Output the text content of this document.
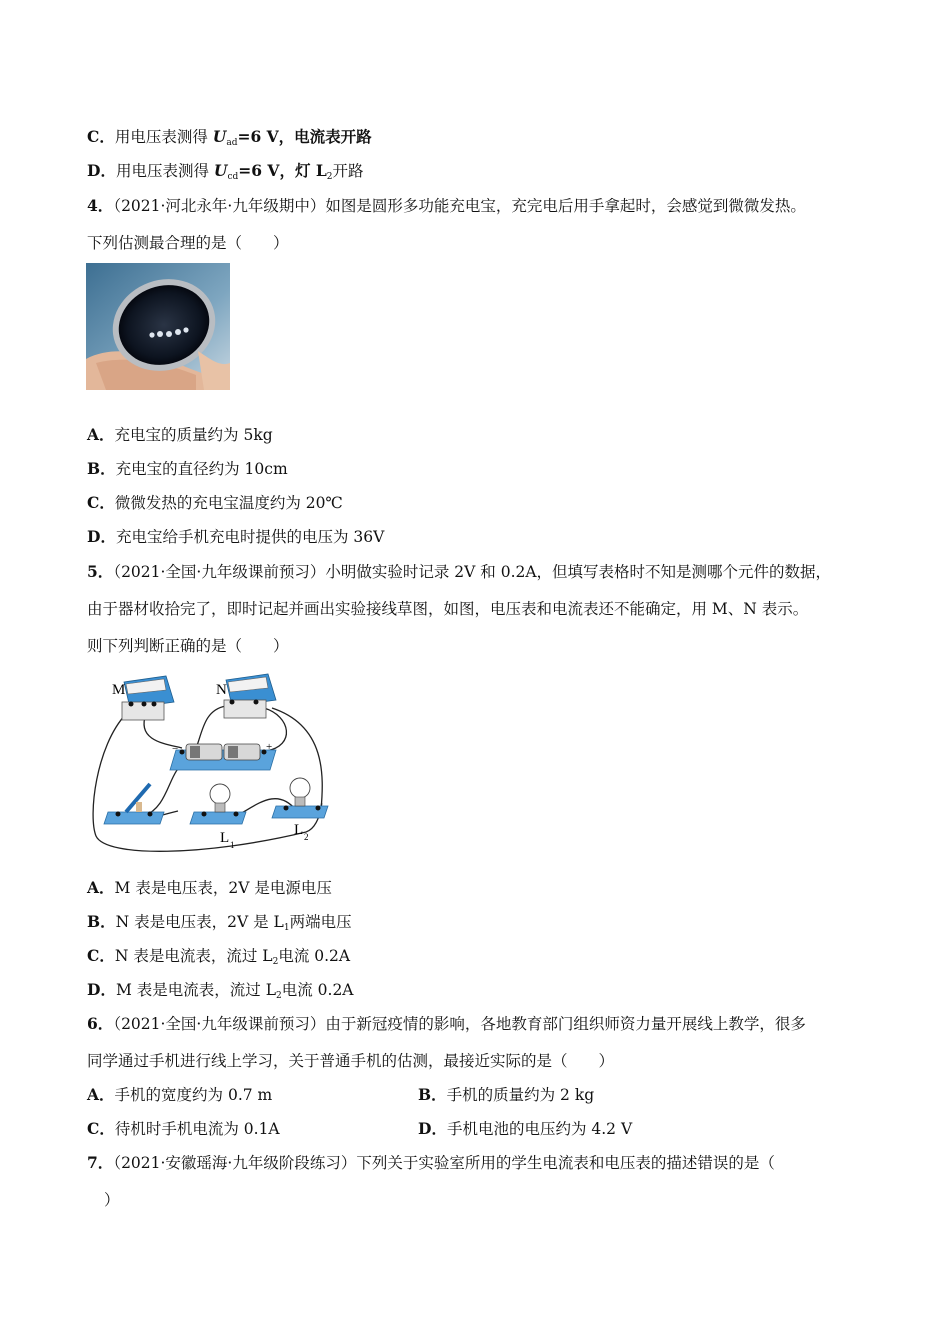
C．用电压表测得 $U_{ad}=6$ V，电流表开路
D．用电压表测得 $U_{cd}=6$ V，灯 $L_2$开路
4．（2021·河北永年·九年级期中）如图是圆形多功能充电宝，充完电后用手拿起时，会感觉到微微发热。
下列估测最合理的是（　　）
A．充电宝的质量约为 5kg
B．充电宝的直径约为 10cm
C．微微发热的充电宝温度约为 20℃
D．充电宝给手机充电时提供的电压为 36V
5．（2021·全国·九年级课前预习）小明做实验时记录 2V 和 0.2A，但填写表格时不知是测哪个元件的数据，
由于器材收拾完了，即时记起并画出实验接线草图，如图，电压表和电流表还不能确定，用 M、N 表示。
则下列判断正确的是（　　）
M	N
−	+
L 1
L 2
A．M 表是电压表，2V 是电源电压
B．N 表是电压表，2V 是 $L_1$两端电压
C．N 表是电流表，流过 $L_2$电流 0.2A
D．M 表是电流表，流过 $L_2$电流 0.2A
6．（2021·全国·九年级课前预习）由于新冠疫情的影响，各地教育部门组织师资力量开展线上教学，很多
同学通过手机进行线上学习，关于普通手机的估测，最接近实际的是（　　）
A．手机的宽度约为 0.7 m	B．手机的质量约为 2 kg
C．待机时手机电流为 0.1A	D．手机电池的电压约为 4.2 V
7．（2021·安徽瑶海·九年级阶段练习）下列关于实验室所用的学生电流表和电压表的描述错误的是（
）
